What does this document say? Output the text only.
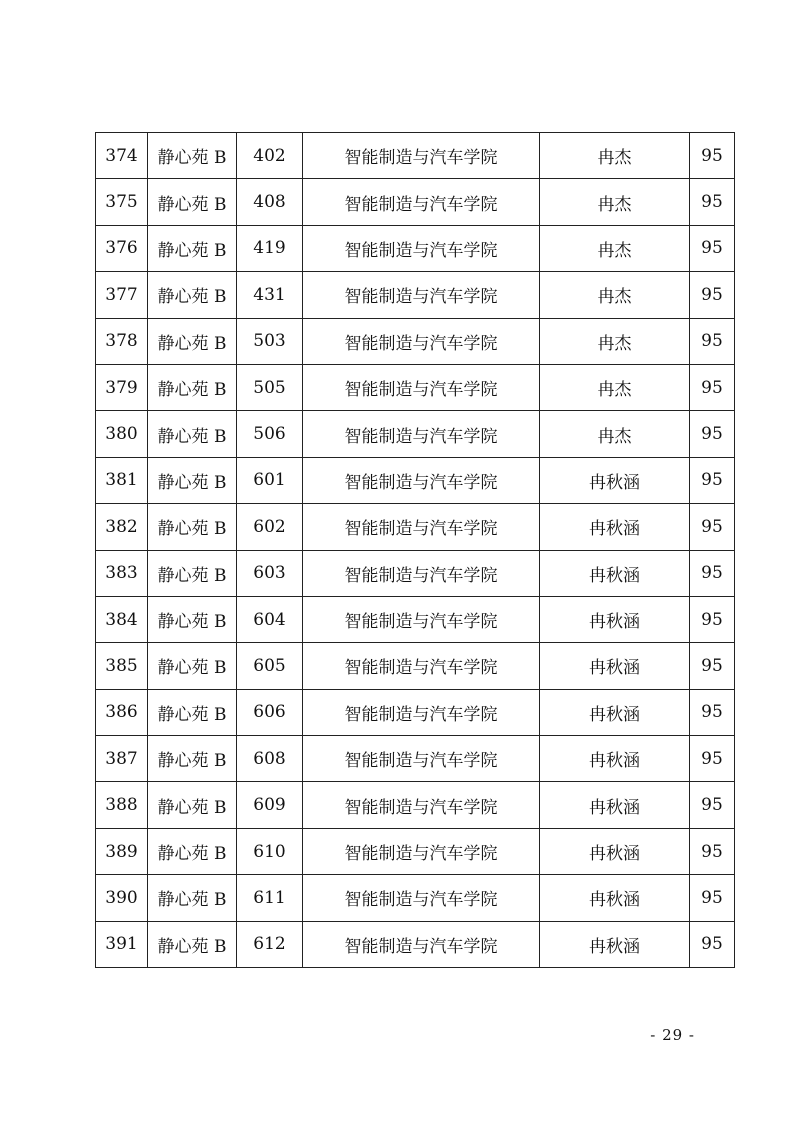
374	静心苑 B	402	智能制造与汽车学院	冉杰	95
375	静心苑 B	408	智能制造与汽车学院	冉杰	95
376	静心苑 B	419	智能制造与汽车学院	冉杰	95
377	静心苑 B	431	智能制造与汽车学院	冉杰	95
378	静心苑 B	503	智能制造与汽车学院	冉杰	95
379	静心苑 B	505	智能制造与汽车学院	冉杰	95
380	静心苑 B	506	智能制造与汽车学院	冉杰	95
381	静心苑 B	601	智能制造与汽车学院	冉秋涵	95
382	静心苑 B	602	智能制造与汽车学院	冉秋涵	95
383	静心苑 B	603	智能制造与汽车学院	冉秋涵	95
384	静心苑 B	604	智能制造与汽车学院	冉秋涵	95
385	静心苑 B	605	智能制造与汽车学院	冉秋涵	95
386	静心苑 B	606	智能制造与汽车学院	冉秋涵	95
387	静心苑 B	608	智能制造与汽车学院	冉秋涵	95
388	静心苑 B	609	智能制造与汽车学院	冉秋涵	95
389	静心苑 B	610	智能制造与汽车学院	冉秋涵	95
390	静心苑 B	611	智能制造与汽车学院	冉秋涵	95
391	静心苑 B	612	智能制造与汽车学院	冉秋涵	95
- 29 -
